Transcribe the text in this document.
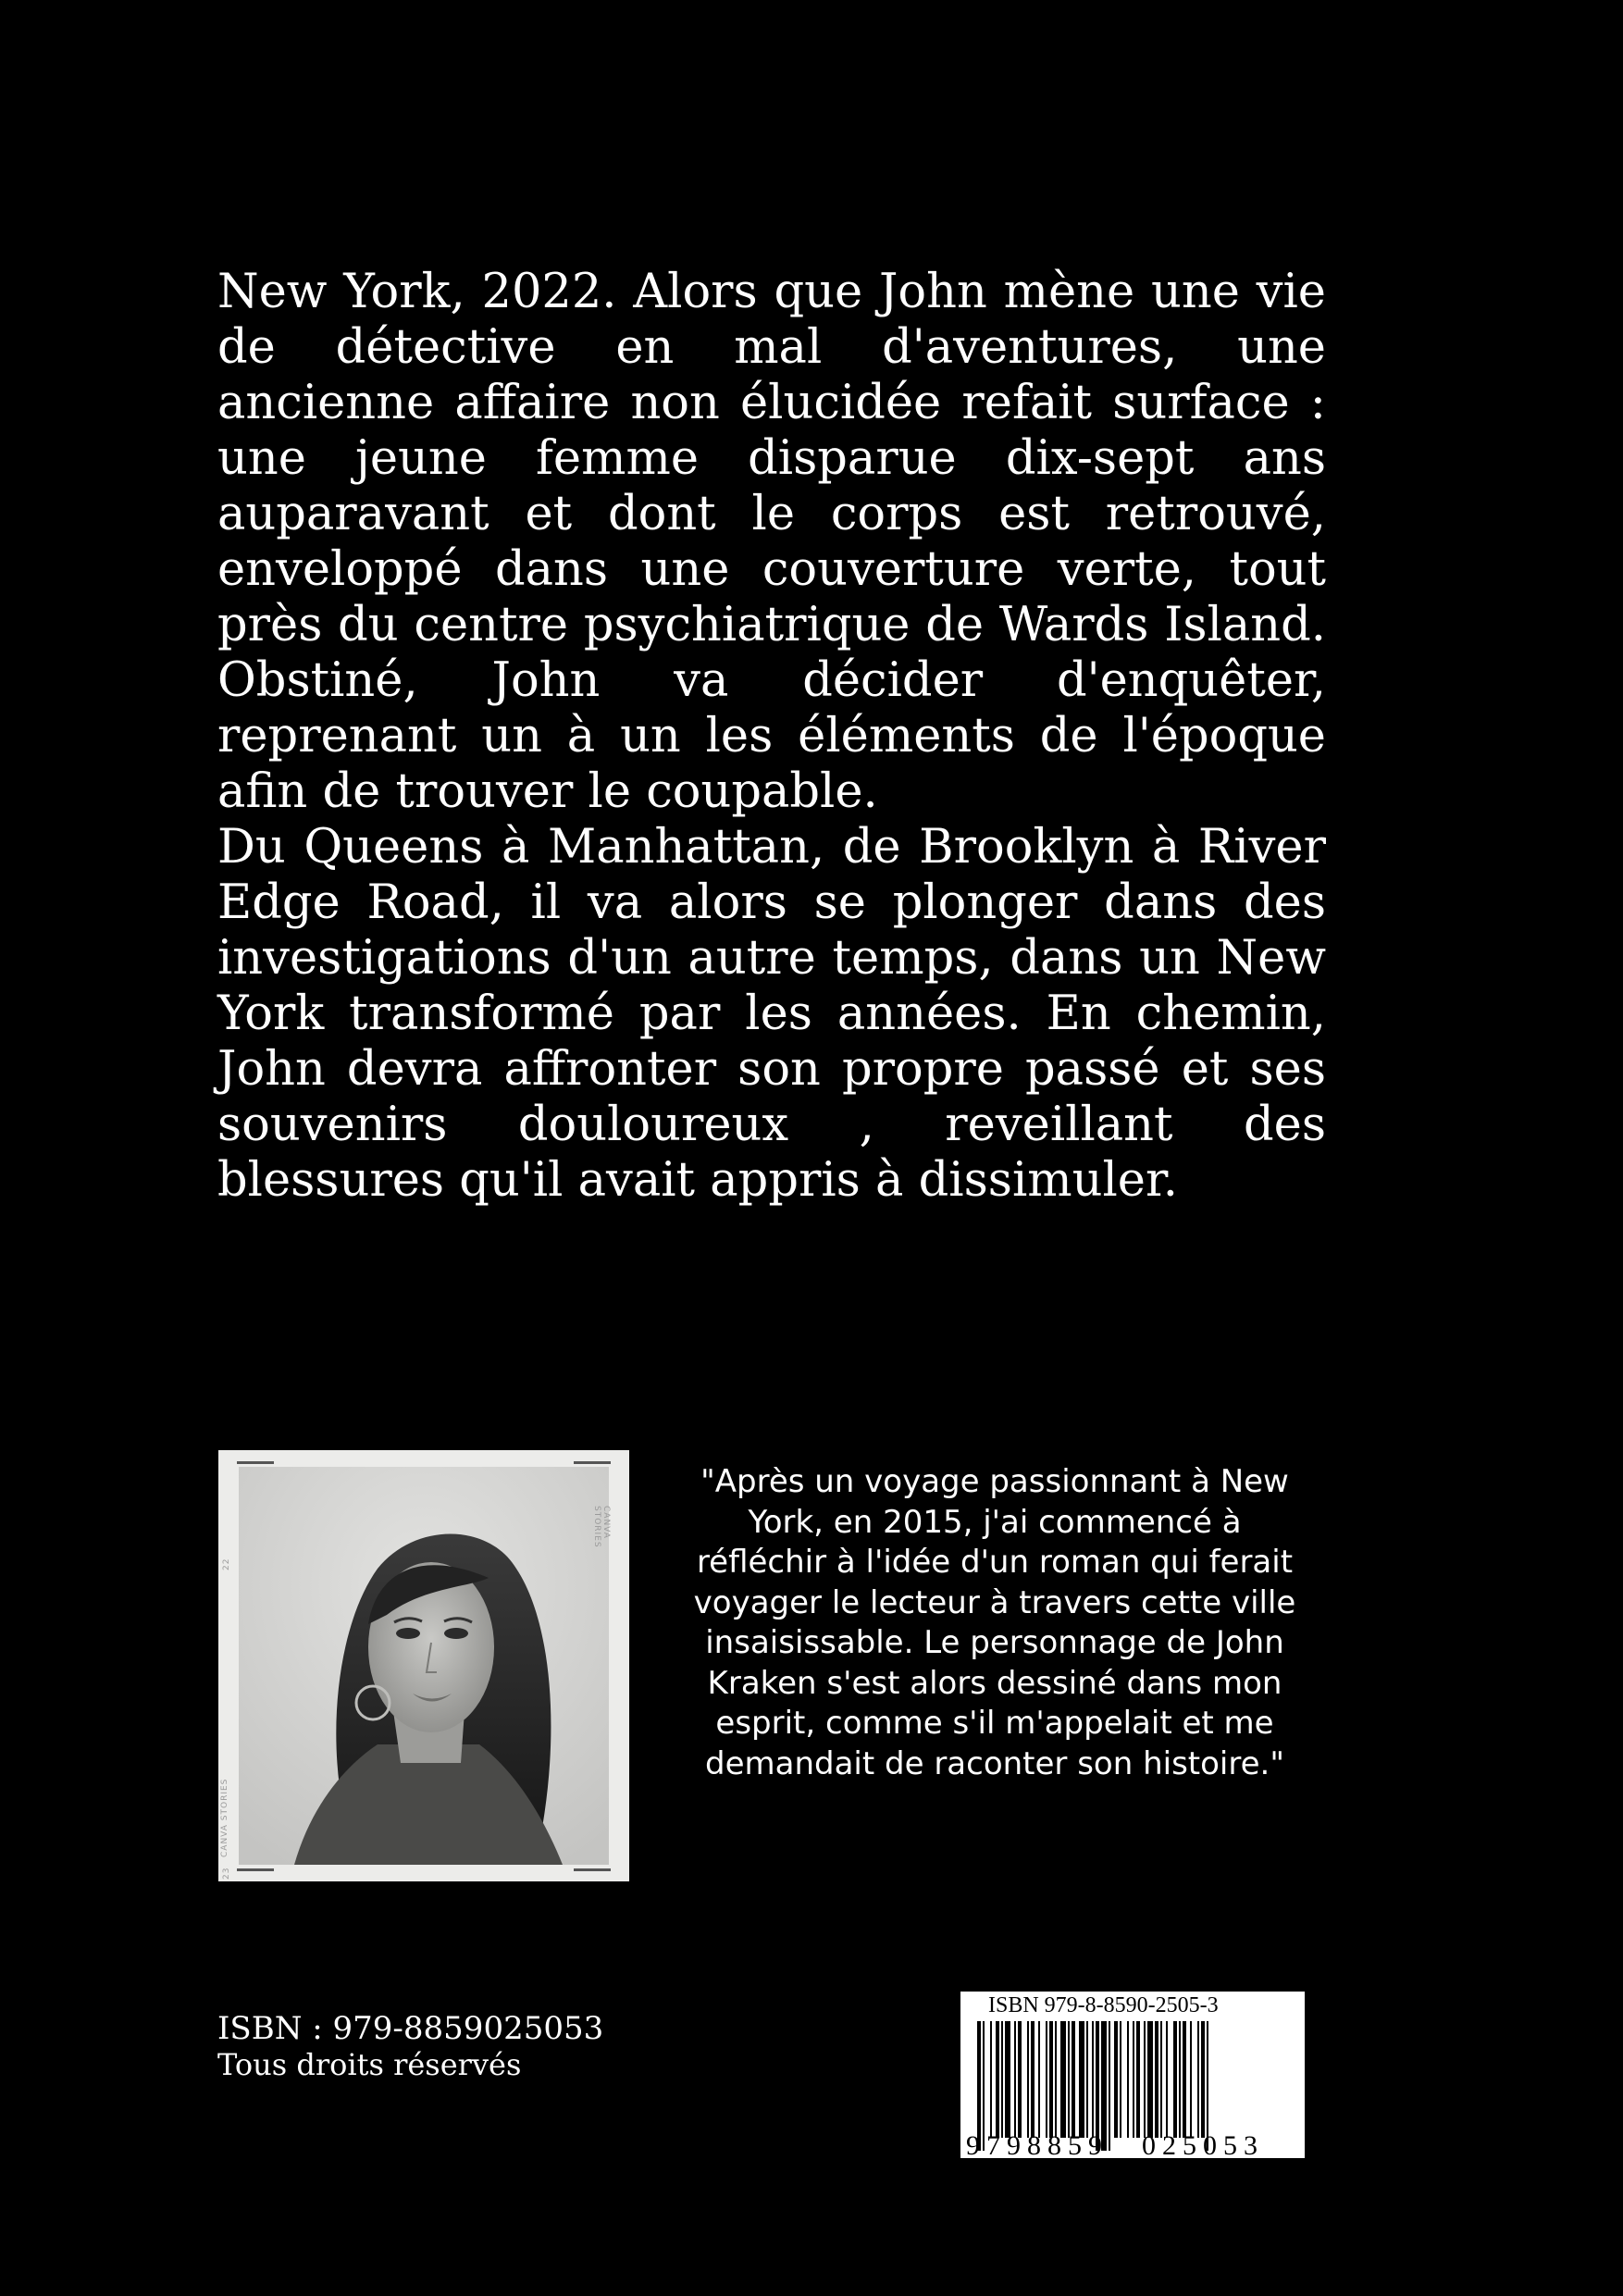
New York, 2022. Alors que John mène une vie de détective en mal d'aventures, une ancienne affaire non élucidée refait surface : une jeune femme disparue dix-sept ans auparavant et dont le corps est retrouvé, enveloppé dans une couverture verte, tout près du centre psychiatrique de Wards Island. Obstiné, John va décider d'enquêter, reprenant un à un les éléments de l'époque afin de trouver le coupable.

Du Queens à Manhattan, de Brooklyn à River Edge Road, il va alors se plonger dans des investigations d'un autre temps, dans un New York transformé par les années. En chemin, John devra affronter son propre passé et ses souvenirs douloureux , reveillant des blessures qu'il avait appris à dissimuler.

CANVA STORIES
CANVA STORIES
22
23

"Après un voyage passionnant à New York, en 2015, j'ai commencé à réfléchir à l'idée d'un roman qui ferait voyager le lecteur à travers cette ville insaisissable. Le personnage de John Kraken s'est alors dessiné dans mon esprit, comme s'il m'appelait et me demandait de raconter son histoire."

ISBN : 979-8859025053
Tous droits réservés
9 7 9 8 8 5 9 0 2 5 0 5 3
ISBN 979-8-8590-2505-3
